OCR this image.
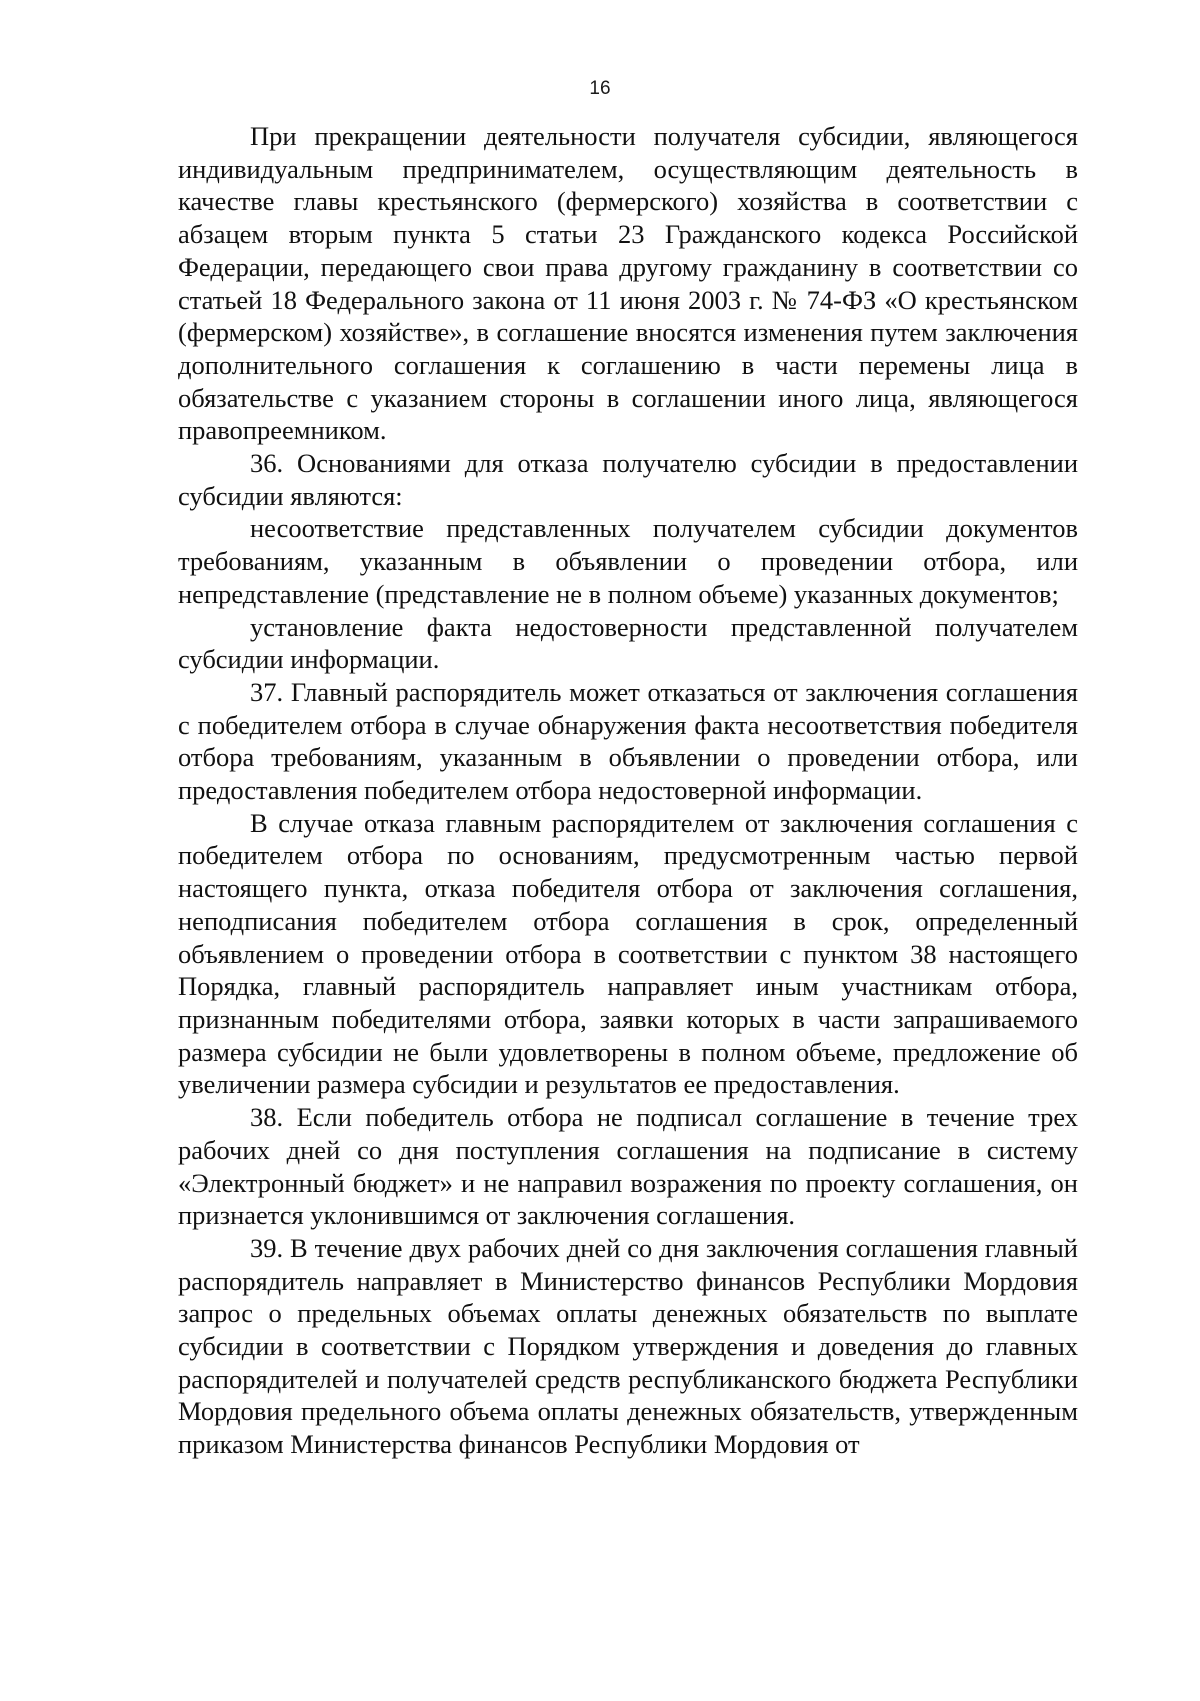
16

При прекращении деятельности получателя субсидии, являющегося индивидуальным предпринимателем, осуществляющим деятельность в качестве главы крестьянского (фермерского) хозяйства в соответствии с абзацем вторым пункта 5 статьи 23 Гражданского кодекса Российской Федерации, передающего свои права другому гражданину в соответствии со статьей 18 Федерального закона от 11 июня 2003 г. № 74-ФЗ «О крестьянском (фермерском) хозяйстве», в соглашение вносятся изменения путем заключения дополнительного соглашения к соглашению в части перемены лица в обязательстве с указанием стороны в соглашении иного лица, являющегося правопреемником.

36. Основаниями для отказа получателю субсидии в предоставлении субсидии являются:

несоответствие представленных получателем субсидии документов требованиям, указанным в объявлении о проведении отбора, или непредставление (представление не в полном объеме) указанных документов;

установление факта недостоверности представленной получателем субсидии информации.

37. Главный распорядитель может отказаться от заключения соглашения с победителем отбора в случае обнаружения факта несоответствия победителя отбора требованиям, указанным в объявлении о проведении отбора, или предоставления победителем отбора недостоверной информации.

В случае отказа главным распорядителем от заключения соглашения с победителем отбора по основаниям, предусмотренным частью первой настоящего пункта, отказа победителя отбора от заключения соглашения, неподписания победителем отбора соглашения в срок, определенный объявлением о проведении отбора в соответствии с пунктом 38 настоящего Порядка, главный распорядитель направляет иным участникам отбора, признанным победителями отбора, заявки которых в части запрашиваемого размера субсидии не были удовлетворены в полном объеме, предложение об увеличении размера субсидии и результатов ее предоставления.

38. Если победитель отбора не подписал соглашение в течение трех рабочих дней со дня поступления соглашения на подписание в систему «Электронный бюджет» и не направил возражения по проекту соглашения, он признается уклонившимся от заключения соглашения.

39. В течение двух рабочих дней со дня заключения соглашения главный распорядитель направляет в Министерство финансов Республики Мордовия запрос о предельных объемах оплаты денежных обязательств по выплате субсидии в соответствии с Порядком утверждения и доведения до главных распорядителей и получателей средств республиканского бюджета Республики Мордовия предельного объема оплаты денежных обязательств, утвержденным приказом Министерства финансов Республики Мордовия от
